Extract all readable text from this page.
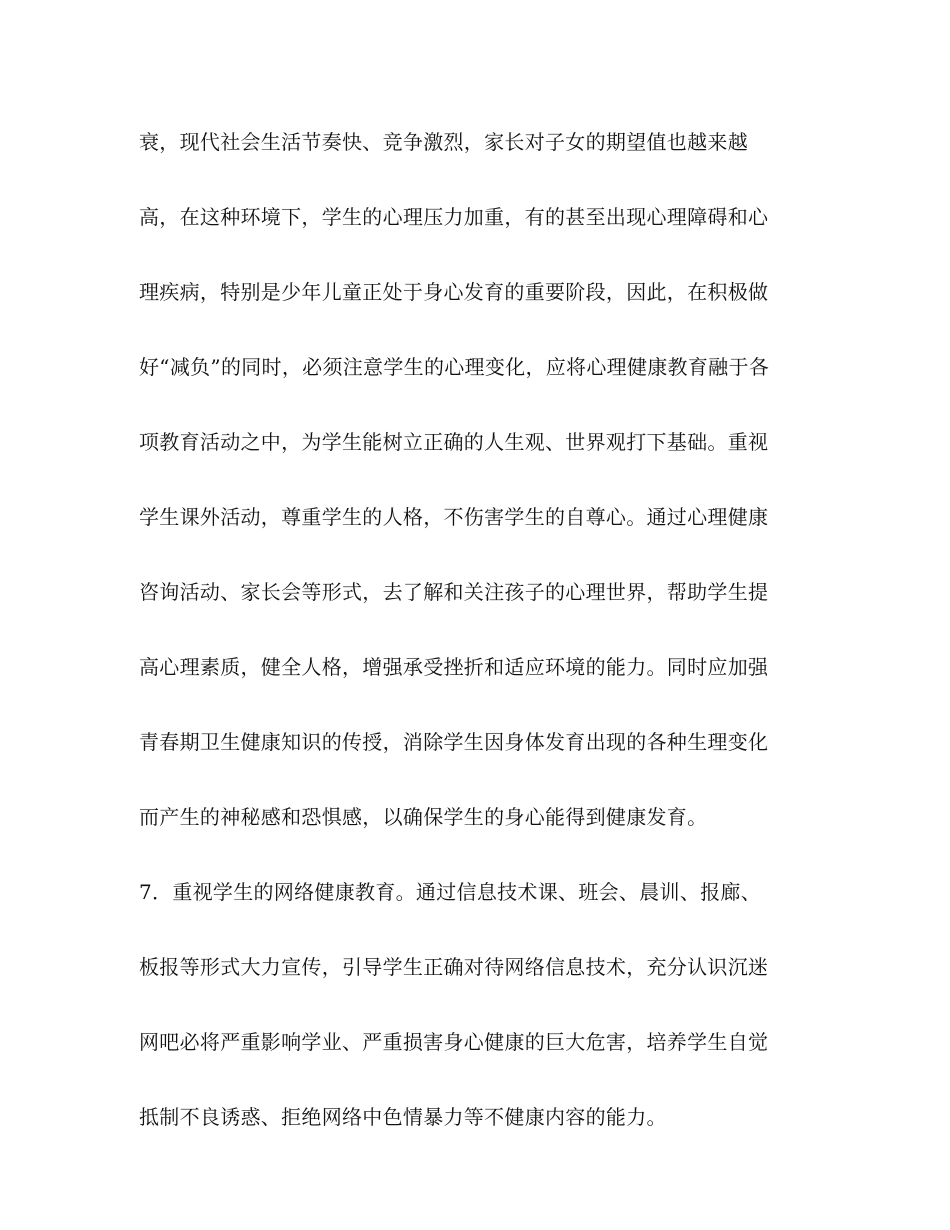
衰，现代社会生活节奏快、竞争激烈，家长对子女的期望值也越来越
高，在这种环境下，学生的心理压力加重，有的甚至出现心理障碍和心
理疾病，特别是少年儿童正处于身心发育的重要阶段，因此，在积极做
好“减负”的同时，必须注意学生的心理变化，应将心理健康教育融于各
项教育活动之中，为学生能树立正确的人生观、世界观打下基础。重视
学生课外活动，尊重学生的人格，不伤害学生的自尊心。通过心理健康
咨询活动、家长会等形式，去了解和关注孩子的心理世界，帮助学生提
高心理素质，健全人格，增强承受挫折和适应环境的能力。同时应加强
青春期卫生健康知识的传授，消除学生因身体发育出现的各种生理变化
而产生的神秘感和恐惧感，以确保学生的身心能得到健康发育。
7．重视学生的网络健康教育。通过信息技术课、班会、晨训、报廊、
板报等形式大力宣传，引导学生正确对待网络信息技术，充分认识沉迷
网吧必将严重影响学业、严重损害身心健康的巨大危害，培养学生自觉
抵制不良诱惑、拒绝网络中色情暴力等不健康内容的能力。
